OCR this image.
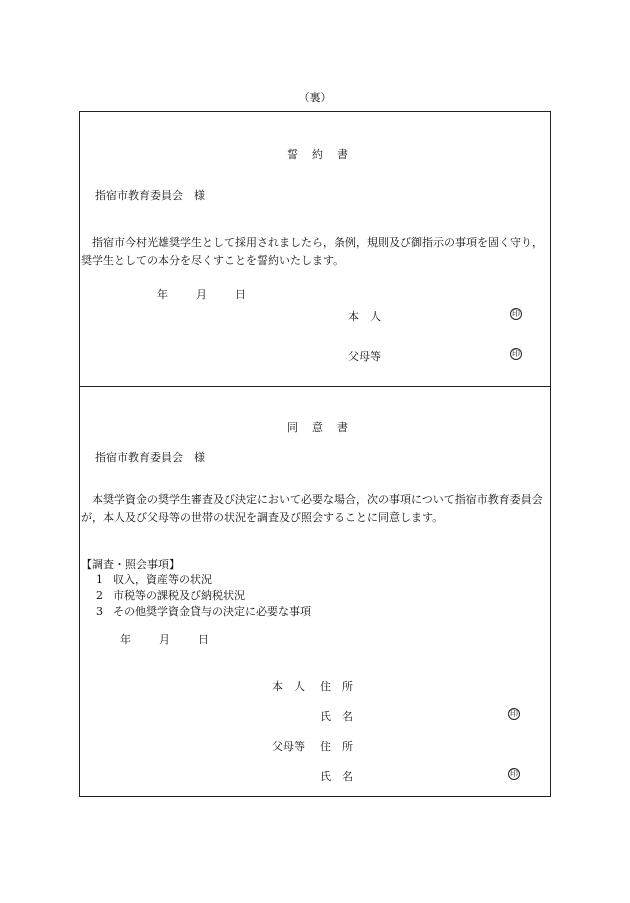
（裏）
誓 約 書
指宿市教育委員会　様
　指宿市今村光雄奨学生として採用されましたら，条例，規則及び御指示の事項を固く守り，奨学生としての本分を尽くすことを誓約いたします。
年	月	日
本　人	印
父母等	印
同 意 書
指宿市教育委員会　様
　本奨学資金の奨学生審査及び決定において必要な場合，次の事項について指宿市教育委員会が，本人及び父母等の世帯の状況を調査及び照会することに同意します。
【調査・照会事項】
1 収入，資産等の状況
2 市税等の課税及び納税状況
3 その他奨学資金貸与の決定に必要な事項
年	月	日
本　人 住　所
氏　名	印
父母等 住　所
氏　名	印
